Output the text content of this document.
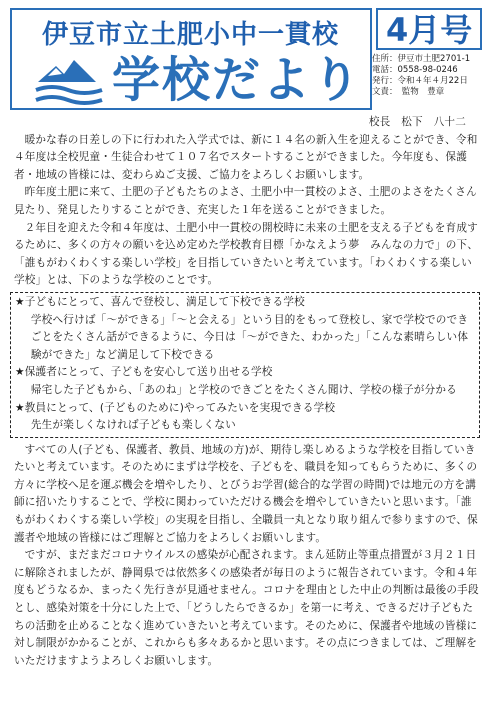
伊豆市立土肥小中一貫校
学校だより
4月号
住所：伊豆市土肥2701-1
電話：0558-98-0246
発行：令和４年４月22日
文責：　監物　豊章
校長　松下　八十二

暖かな春の日差しの下に行われた入学式では、新に１４名の新入生を迎えることができ、令和４年度は全校児童・生徒合わせて１０７名でスタートすることができました。今年度も、保護者・地域の皆様には、変わらぬご支援、ご協力をよろしくお願いします。

昨年度土肥に来て、土肥の子どもたちのよさ、土肥小中一貫校のよさ、土肥のよさをたくさん見たり、発見したりすることができ、充実した１年を送ることができました。

２年目を迎えた令和４年度は、土肥小中一貫校の開校時に未来の土肥を支える子どもを育成するために、多くの方々の願いを込め定めた学校教育目標「かなえよう夢　みんなの力で」の下、「誰もがわくわくする楽しい学校」を目指していきたいと考えています。「わくわくする楽しい学校」とは、下のような学校のことです。

★子どもにとって、喜んで登校し、満足して下校できる学校

学校へ行けば「～ができる」「～と会える」という目的をもって登校し、家で学校でのできごとをたくさん話ができるように、今日は「～ができた、わかった」「こんな素晴らしい体験ができた」など満足して下校できる

★保護者にとって、子どもを安心して送り出せる学校

帰宅した子どもから、「あのね」と学校のできごとをたくさん聞け、学校の様子が分かる

★教員にとって、(子どものために)やってみたいを実現できる学校

先生が楽しくなければ子どもも楽しくない

すべての人(子ども、保護者、教員、地域の方)が、期待し楽しめるような学校を目指していきたいと考えています。そのためにまずは学校を、子どもを、職員を知ってもらうために、多くの方々に学校へ足を運ぶ機会を増やしたり、とびうお学習(総合的な学習の時間)では地元の方を講師に招いたりすることで、学校に関わっていただける機会を増やしていきたいと思います。「誰もがわくわくする楽しい学校」の実現を目指し、全職員一丸となり取り組んで参りますので、保護者や地域の皆様にはご理解とご協力をよろしくお願いします。

ですが、まだまだコロナウイルスの感染が心配されます。まん延防止等重点措置が３月２１日に解除されましたが、静岡県では依然多くの感染者が毎日のように報告されています。令和４年度もどうなるか、まったく先行きが見通せません。コロナを理由とした中止の判断は最後の手段とし、感染対策を十分にした上で、「どうしたらできるか」を第一に考え、できるだけ子どもたちの活動を止めることなく進めていきたいと考えています。そのために、保護者や地域の皆様に対し制限がかかることが、これからも多々あるかと思います。その点につきましては、ご理解をいただけますようよろしくお願いします。
